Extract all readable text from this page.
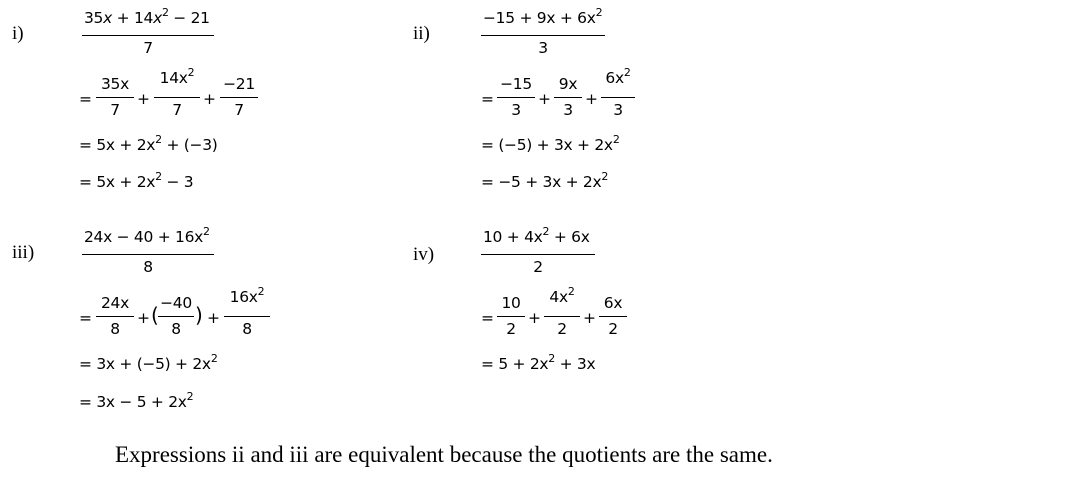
i)	ii)
iii)	iv)
$35x + 14x^2 - 21$
7
=
35x
7
+
$14x^2$
7
+
−21
7
= $5x + 2x^2 + (-3)$
= $5x + 2x^2 - 3$
$-15 + 9x + 6x^2$
3
=
−15
3
+
9x
3
+
$6x^2$
3
= $(-5) + 3x + 2x^2$
= $-5 + 3x + 2x^2$
$24x - 40 + 16x^2$
8
=
24x
8
+ ( −40
8
) +
$16x^2$
8
= $3x + (-5) + 2x^2$
= $3x - 5 + 2x^2$
$10 + 4x^2 + 6x$
2
=
10
2
+
$4x^2$
2
+
6x
2
= $5 + 2x^2 + 3x$
Expressions ii and iii are equivalent because the quotients are the same.
